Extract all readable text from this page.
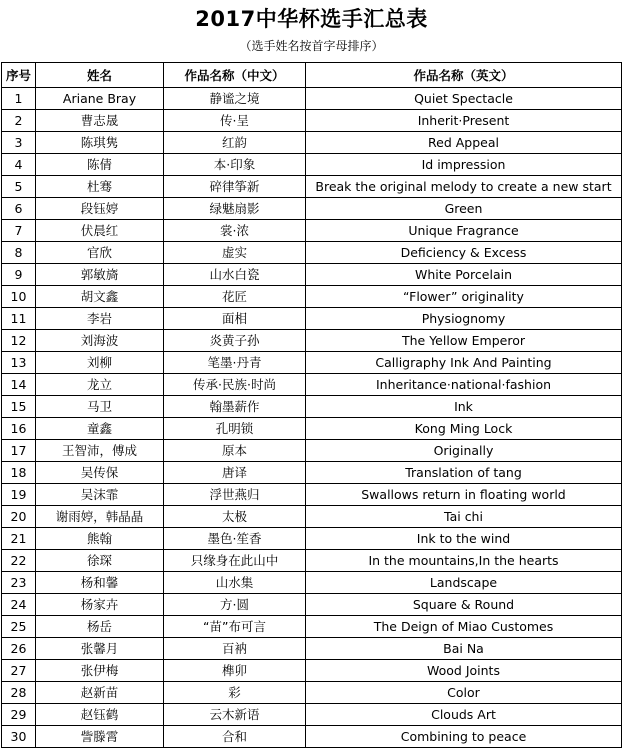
2017中华杯选手汇总表
（选手姓名按首字母排序）
序号	姓名	作品名称（中文）	作品名称（英文）
1	Ariane Bray	静谧之境	Quiet Spectacle
2	曹志晟	传·呈	Inherit·Present
3	陈琪隽	红韵	Red Appeal
4	陈倩	本·印象	Id impression
5	杜骞	碎律筝新	Break the original melody to create a new start
6	段钰婷	绿魅扇影	Green
7	伏晨红	裳·浓	Unique Fragrance
8	官欣	虚实	Deficiency & Excess
9	郭敏旖	山水白瓷	White Porcelain
10	胡文鑫	花匠	“Flower” originality
11	李岩	面相	Physiognomy
12	刘海波	炎黄子孙	The Yellow Emperor
13	刘柳	笔墨·丹青	Calligraphy Ink And Painting
14	龙立	传承·民族·时尚	Inheritance·national·fashion
15	马卫	翰墨薪作	Ink
16	童鑫	孔明锁	Kong Ming Lock
17	王智沛，傅成	原本	Originally
18	吴传保	唐译	Translation of tang
19	吴沫霏	浮世燕归	Swallows return in floating world
20	谢雨婷，韩晶晶	太极	Tai chi
21	熊翰	墨色·笙香	Ink to the wind
22	徐琛	只缘身在此山中	In the mountains,In the hearts
23	杨和馨	山水集	Landscape
24	杨家卉	方·圆	Square & Round
25	杨岳	“苗”布可言	The Deign of Miao Customes
26	张馨月	百衲	Bai Na
27	张伊梅	榫卯	Wood Joints
28	赵新苗	彩	Color
29	赵钰鹤	云木新语	Clouds Art
30	訾滕霄	合和	Combining to peace
